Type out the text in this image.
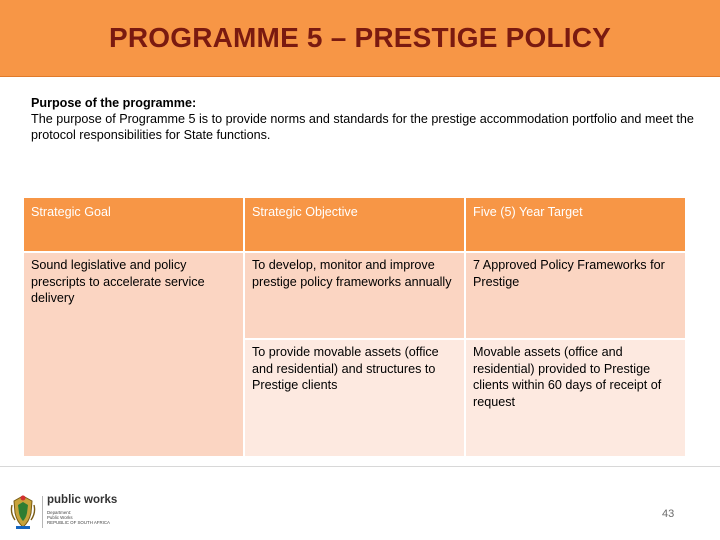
PROGRAMME 5 – PRESTIGE POLICY
Purpose of the programme:
The purpose of Programme 5 is to provide norms and standards for the prestige accommodation portfolio and meet the protocol responsibilities for State functions.
Strategic Goal	Strategic Objective	Five (5) Year Target
Sound legislative and policy prescripts to accelerate service delivery	To develop, monitor and improve prestige policy frameworks annually	7 Approved Policy Frameworks for Prestige
	To provide movable assets (office and residential) and structures to Prestige clients	Movable assets (office and residential) provided to Prestige clients within 60 days of receipt of request
public works
Department:
Public Works
REPUBLIC OF SOUTH AFRICA
43
